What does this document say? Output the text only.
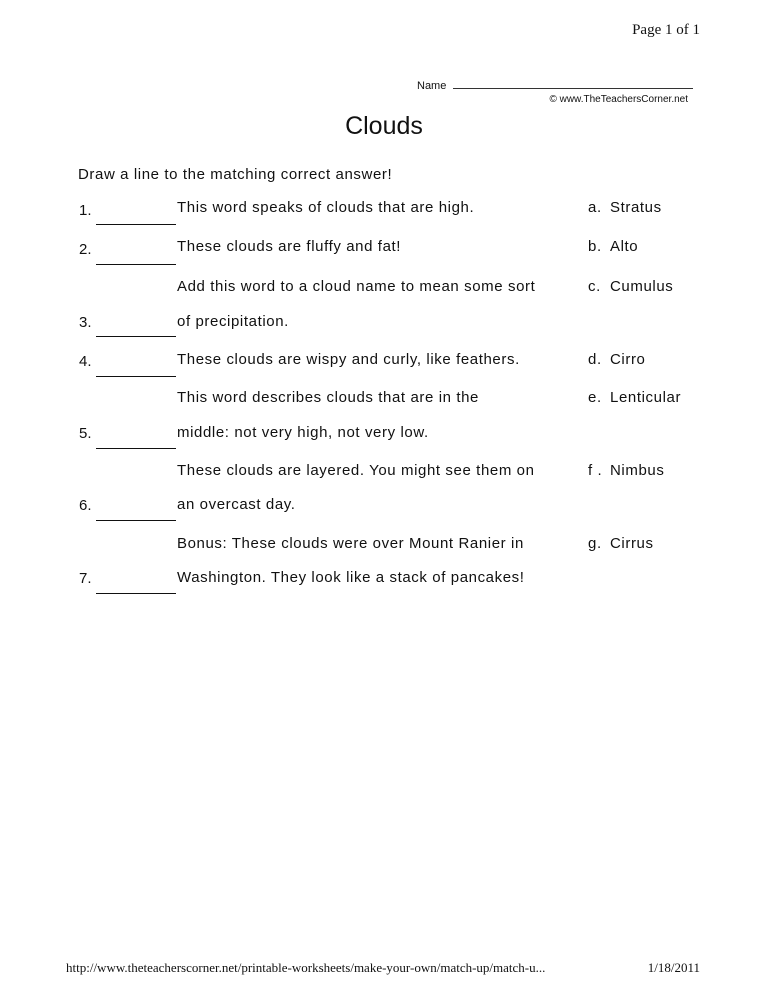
Page 1 of 1
Name
© www.TheTeachersCorner.net
Clouds
Draw a line to the matching correct answer!
This word speaks of clouds that are high.
1.
These clouds are fluffy and fat!
2.
Add this word to a cloud name to mean some sort
of precipitation.
3.
These clouds are wispy and curly, like feathers.
4.
This word describes clouds that are in the
middle: not very high, not very low.
5.
These clouds are layered. You might see them on
an overcast day.
6.
Bonus: These clouds were over Mount Ranier in
Washington. They look like a stack of pancakes!
7.
a. Stratus
b. Alto
c. Cumulus
d. Cirro
e. Lenticular
f . Nimbus
g. Cirrus
http://www.theteacherscorner.net/printable-worksheets/make-your-own/match-up/match-u...	1/18/2011
